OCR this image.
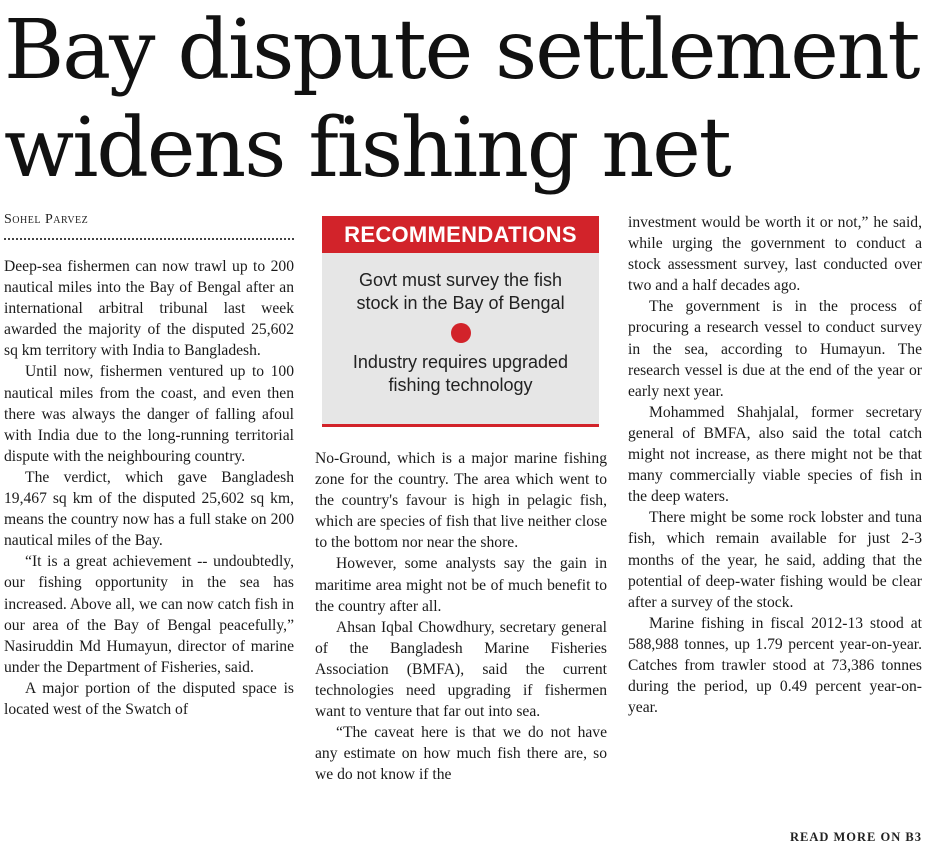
Bay dispute settlement widens fishing net
Sohel Parvez

Deep-sea fishermen can now trawl up to 200 nautical miles into the Bay of Bengal after an international arbitral tribunal last week awarded the majority of the disputed 25,602 sq km territory with India to Bangladesh.

Until now, fishermen ventured up to 100 nautical miles from the coast, and even then there was always the danger of falling afoul with India due to the long-running territorial dispute with the neighbouring country.

The verdict, which gave Bangladesh 19,467 sq km of the disputed 25,602 sq km, means the country now has a full stake on 200 nautical miles of the Bay.

“It is a great achievement -- undoubtedly, our fishing opportunity in the sea has increased. Above all, we can now catch fish in our area of the Bay of Bengal peacefully,” Nasiruddin Md Humayun, director of marine under the Department of Fisheries, said.

A major portion of the disputed space is located west of the Swatch of

RECOMMENDATIONS
Govt must survey the fish stock in the Bay of Bengal
Industry requires upgraded fishing technology

No-Ground, which is a major marine fishing zone for the country. The area which went to the country's favour is high in pelagic fish, which are species of fish that live neither close to the bottom nor near the shore.

However, some analysts say the gain in maritime area might not be of much benefit to the country after all.

Ahsan Iqbal Chowdhury, secretary general of the Bangladesh Marine Fisheries Association (BMFA), said the current technologies need upgrading if fishermen want to venture that far out into sea.

“The caveat here is that we do not have any estimate on how much fish there are, so we do not know if the

investment would be worth it or not,” he said, while urging the government to conduct a stock assessment survey, last conducted over two and a half decades ago.

The government is in the process of procuring a research vessel to conduct survey in the sea, according to Humayun. The research vessel is due at the end of the year or early next year.

Mohammed Shahjalal, former secretary general of BMFA, also said the total catch might not increase, as there might not be that many commercially viable species of fish in the deep waters.

There might be some rock lobster and tuna fish, which remain available for just 2-3 months of the year, he said, adding that the potential of deep-water fishing would be clear after a survey of the stock.

Marine fishing in fiscal 2012-13 stood at 588,988 tonnes, up 1.79 percent year-on-year. Catches from trawler stood at 73,386 tonnes during the period, up 0.49 percent year-on-year.

READ MORE ON B3
